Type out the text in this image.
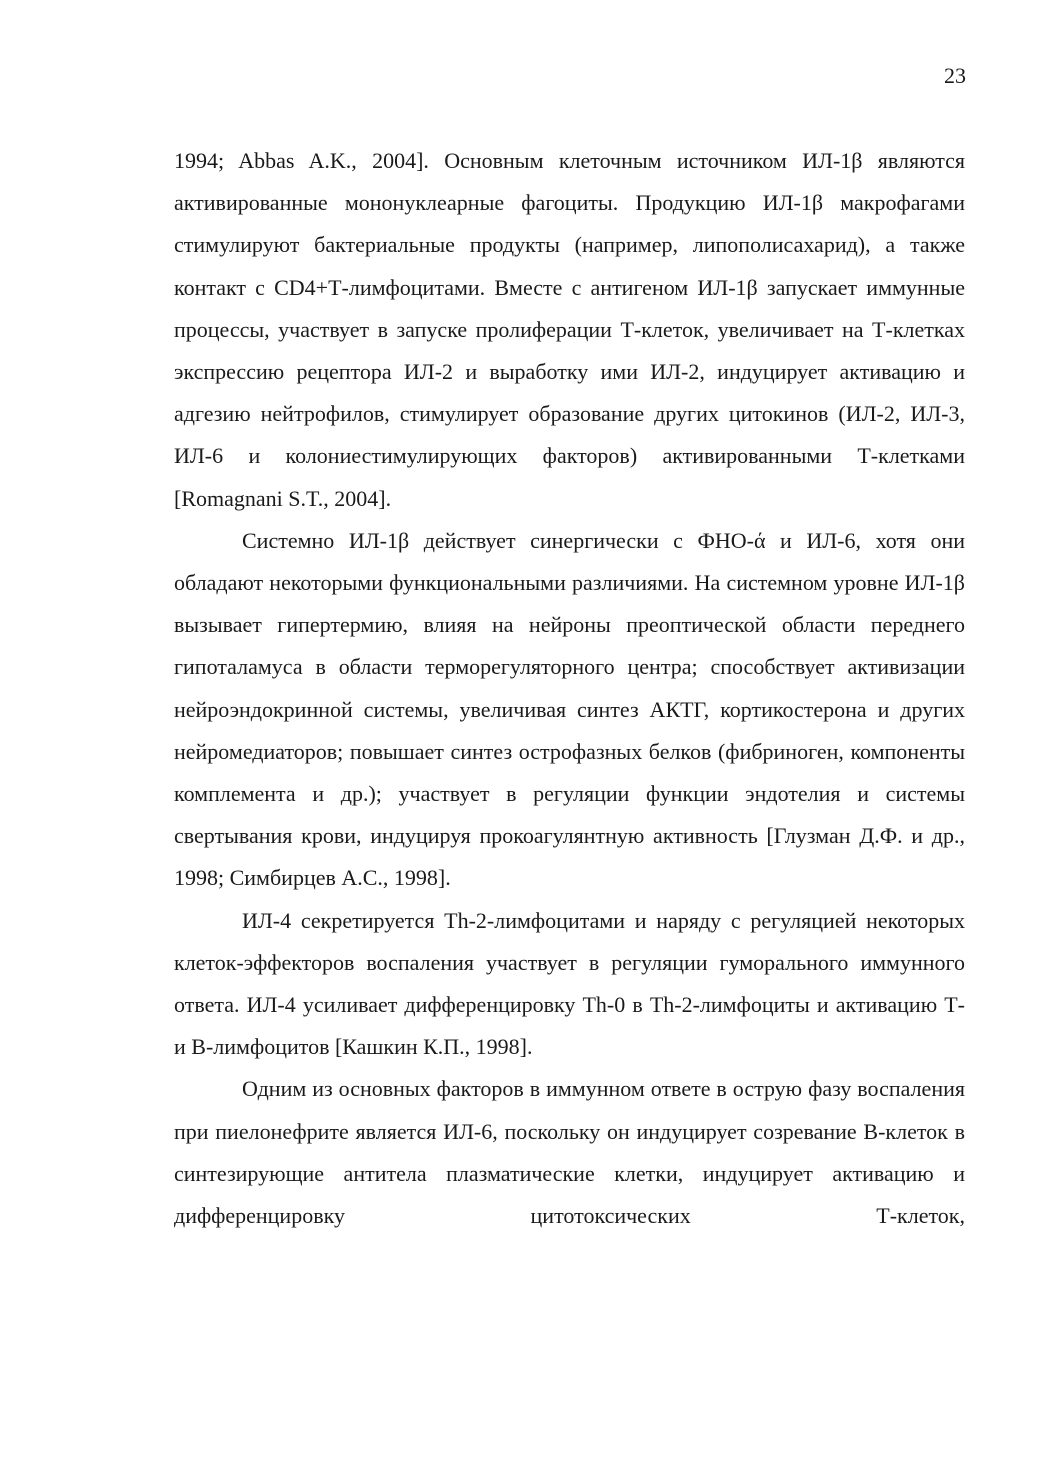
23

1994; Abbas A.K., 2004]. Основным клеточным источником ИЛ-1β являются активированные мононуклеарные фагоциты. Продукцию ИЛ-1β макрофагами стимулируют бактериальные продукты (например, липополисахарид), а также контакт с CD4+Т-лимфоцитами. Вместе с антигеном ИЛ-1β запускает иммунные процессы, участвует в запуске пролиферации Т-клеток, увеличивает на Т-клетках экспрессию рецептора ИЛ-2 и выработку ими ИЛ-2, индуцирует активацию и адгезию нейтрофилов, стимулирует образование других цитокинов (ИЛ-2, ИЛ-3, ИЛ-6 и колониестимулирующих факторов) активированными Т-клетками [Romagnani S.T., 2004].

Системно ИЛ-1β действует синергически с ФНО-ά и ИЛ-6, хотя они обладают некоторыми функциональными различиями. На системном уровне ИЛ-1β вызывает гипертермию, влияя на нейроны преоптической области переднего гипоталамуса в области терморегуляторного центра; способствует активизации нейроэндокринной системы, увеличивая синтез АКТГ, кортикостерона и других нейромедиаторов; повышает синтез острофазных белков (фибриноген, компоненты комплемента и др.); участвует в регуляции функции эндотелия и системы свертывания крови, индуцируя прокоагулянтную активность [Глузман Д.Ф. и др., 1998; Симбирцев А.С., 1998].

ИЛ-4 секретируется Th-2-лимфоцитами и наряду с регуляцией некоторых клеток-эффекторов воспаления участвует в регуляции гуморального иммунного ответа. ИЛ-4 усиливает дифференцировку Th-0 в Th-2-лимфоциты и активацию Т- и В-лимфоцитов [Кашкин К.П., 1998].

Одним из основных факторов в иммунном ответе в острую фазу воспаления при пиелонефрите является ИЛ-6, поскольку он индуцирует созревание В-клеток в синтезирующие антитела плазматические клетки, индуцирует активацию и дифференцировку цитотоксических Т-клеток,
